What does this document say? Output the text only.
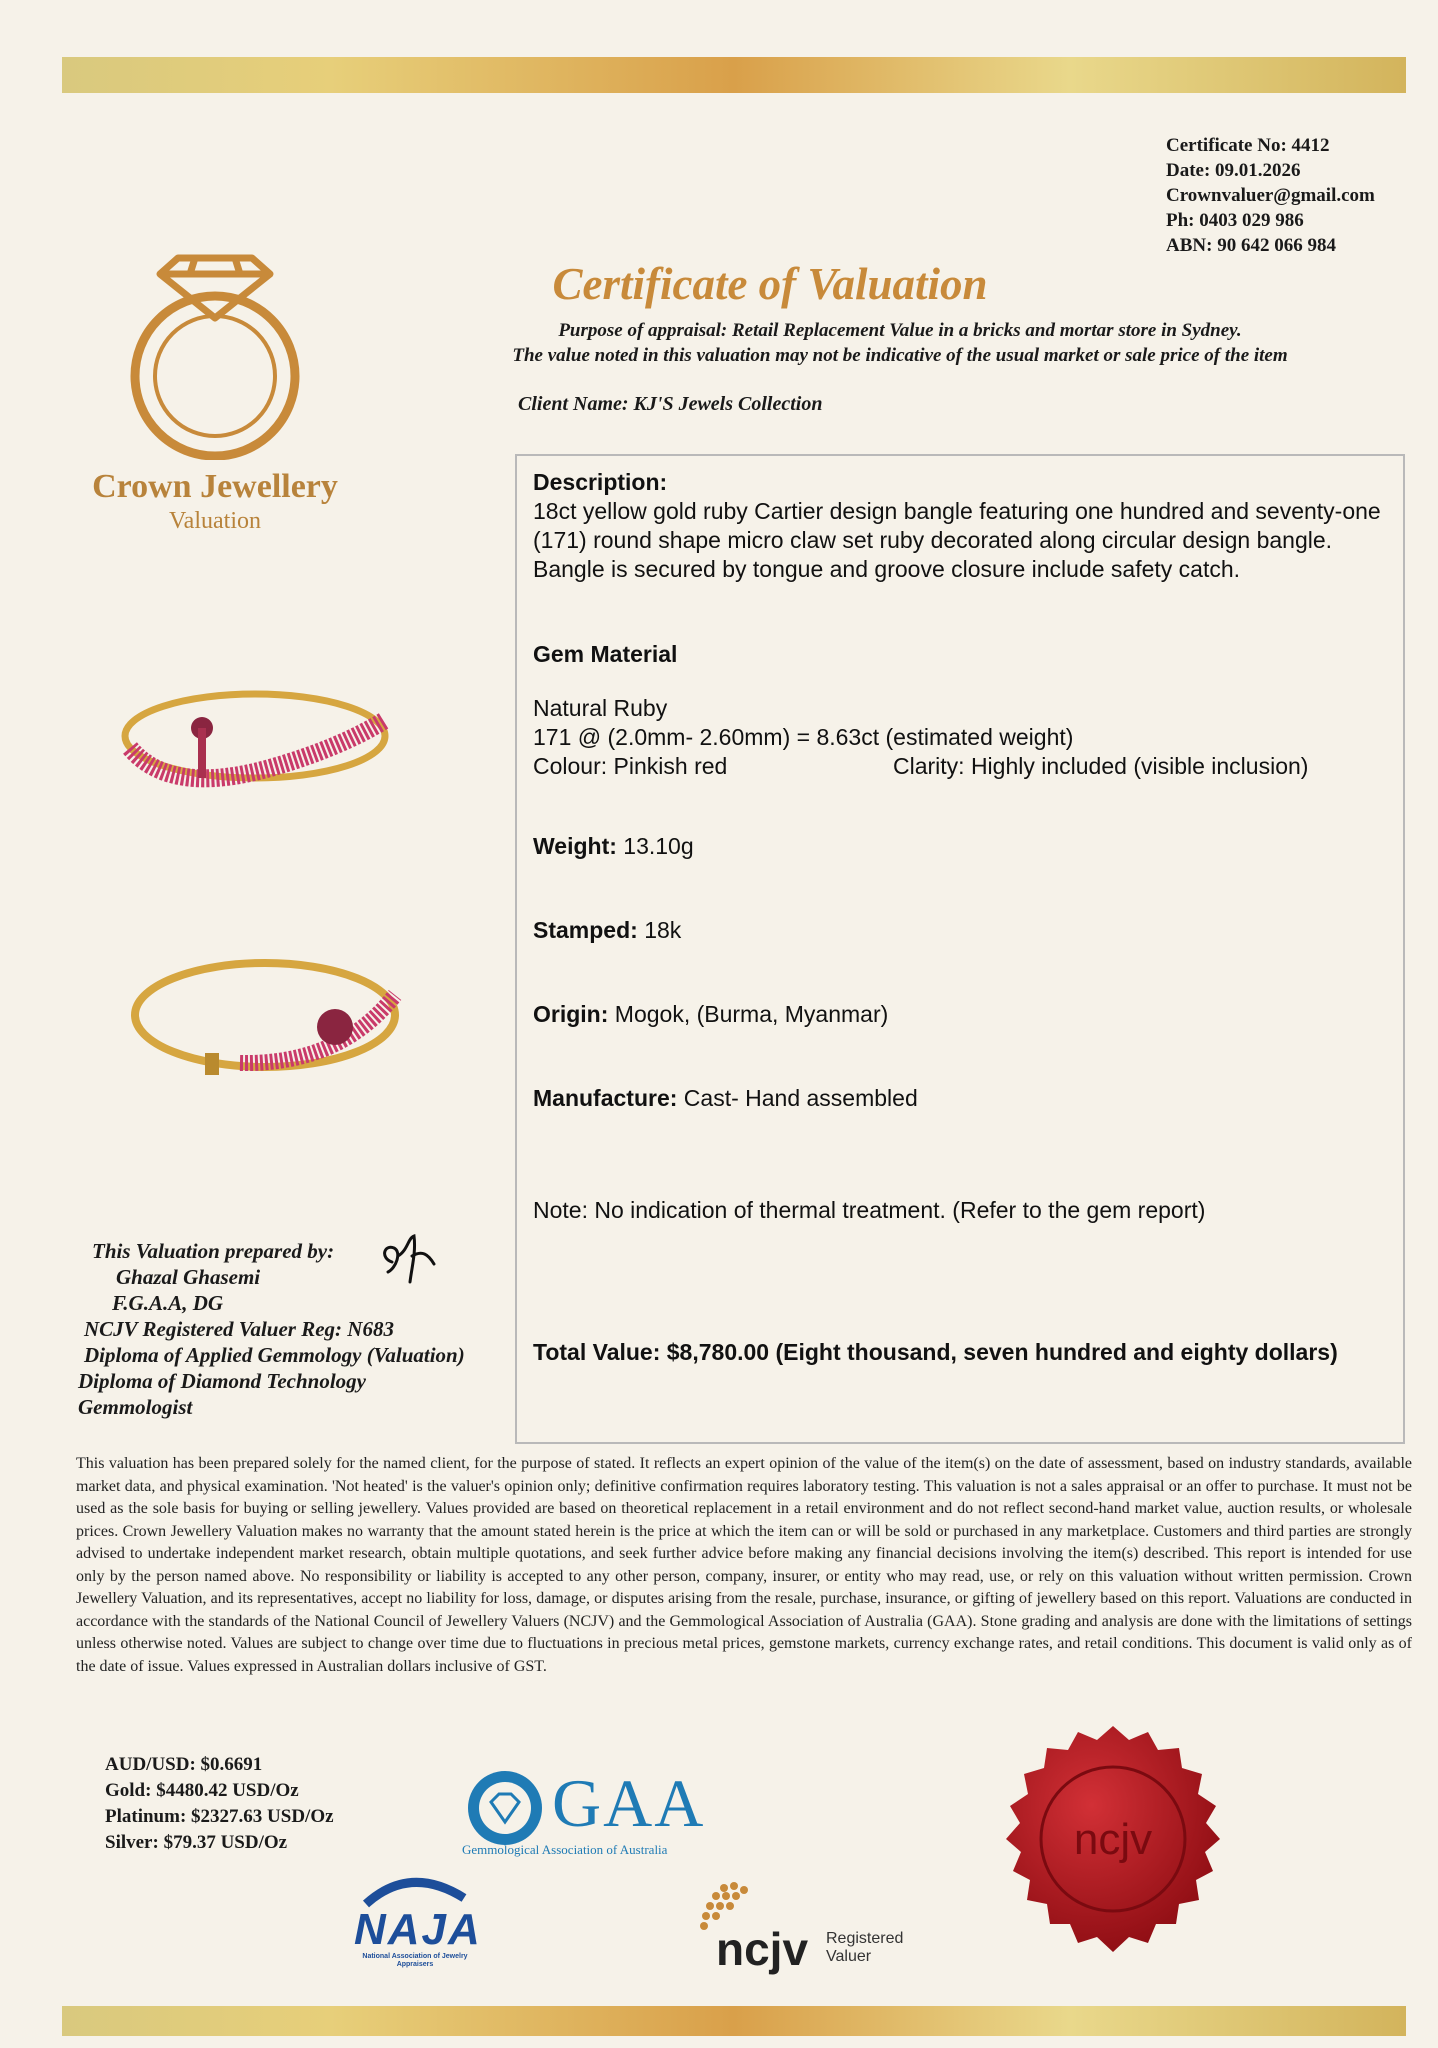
Certificate No: 4412
Date: 09.01.2026
Crownvaluer@gmail.com
Ph: 0403 029 986
ABN: 90 642 066 984
Crown Jewellery
Valuation
Certificate of Valuation
Purpose of appraisal: Retail Replacement Value in a bricks and mortar store in Sydney.
The value noted in this valuation may not be indicative of the usual market or sale price of the item
Client Name: KJ'S Jewels Collection
Description:
18ct yellow gold ruby Cartier design bangle featuring one hundred and seventy-one (171) round shape micro claw set ruby decorated along circular design bangle. Bangle is secured by tongue and groove closure include safety catch.
Gem Material
Natural Ruby
171 @ (2.0mm- 2.60mm) = 8.63ct (estimated weight)
Colour: Pinkish red	Clarity: Highly included (visible inclusion)
Weight: 13.10g
Stamped: 18k
Origin: Mogok, (Burma, Myanmar)
Manufacture: Cast- Hand assembled
Note: No indication of thermal treatment. (Refer to the gem report)
Total Value: $8,780.00 (Eight thousand, seven hundred and eighty dollars)
This Valuation prepared by:
Ghazal Ghasemi
F.G.A.A, DG
NCJV Registered Valuer Reg: N683
Diploma of Applied Gemmology (Valuation)
Diploma of Diamond Technology
Gemmologist
This valuation has been prepared solely for the named client, for the purpose of stated. It reflects an expert opinion of the value of the item(s) on the date of assessment, based on industry standards, available market data, and physical examination. 'Not heated' is the valuer's opinion only; definitive confirmation requires laboratory testing. This valuation is not a sales appraisal or an offer to purchase. It must not be used as the sole basis for buying or selling jewellery. Values provided are based on theoretical replacement in a retail environment and do not reflect second-hand market value, auction results, or wholesale prices. Crown Jewellery Valuation makes no warranty that the amount stated herein is the price at which the item can or will be sold or purchased in any marketplace. Customers and third parties are strongly advised to undertake independent market research, obtain multiple quotations, and seek further advice before making any financial decisions involving the item(s) described. This report is intended for use only by the person named above. No responsibility or liability is accepted to any other person, company, insurer, or entity who may read, use, or rely on this valuation without written permission. Crown Jewellery Valuation, and its representatives, accept no liability for loss, damage, or disputes arising from the resale, purchase, insurance, or gifting of jewellery based on this report. Valuations are conducted in accordance with the standards of the National Council of Jewellery Valuers (NCJV) and the Gemmological Association of Australia (GAA). Stone grading and analysis are done with the limitations of settings unless otherwise noted. Values are subject to change over time due to fluctuations in precious metal prices, gemstone markets, currency exchange rates, and retail conditions. This document is valid only as of the date of issue. Values expressed in Australian dollars inclusive of GST.
AUD/USD: $0.6691
Gold: $4480.42 USD/Oz
Platinum: $2327.63 USD/Oz
Silver: $79.37 USD/Oz
GAA
Gemmological Association of Australia
NAJA
National Association of Jewelry Appraisers	ncjv Registered
Valuer
ncjv
